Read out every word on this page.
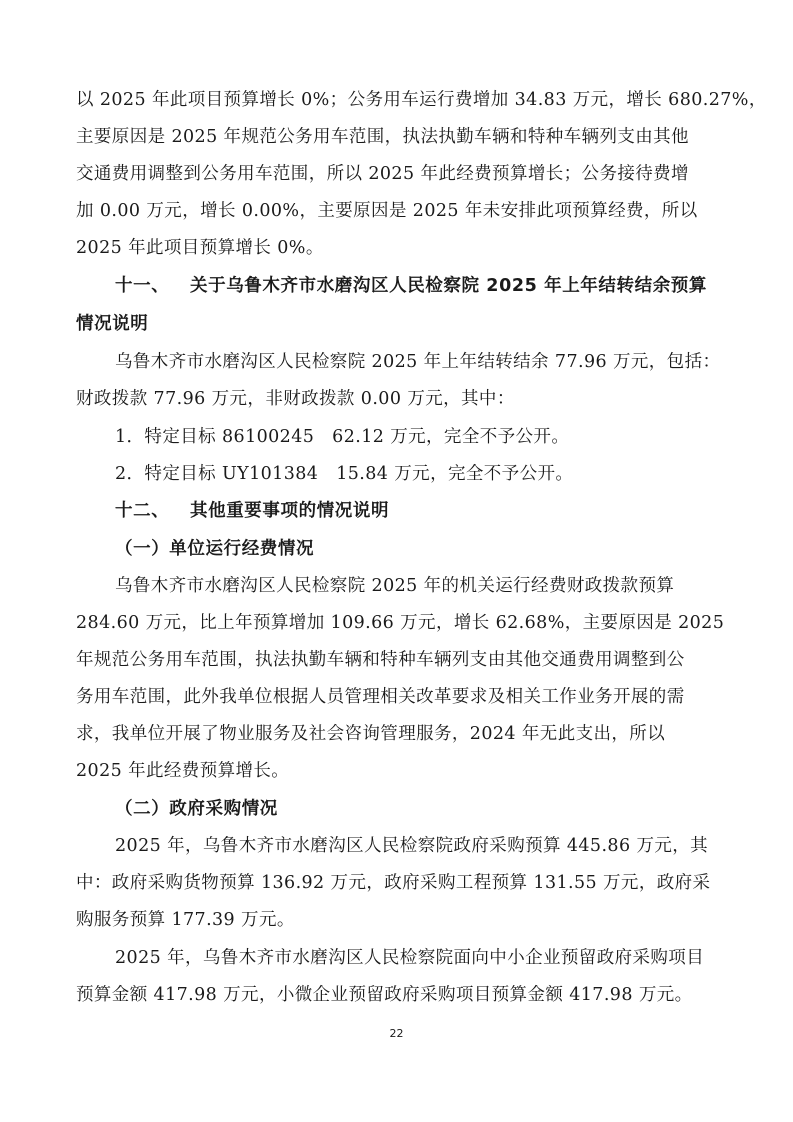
以 2025 年此项目预算增长 0%；公务用车运行费增加 34.83 万元，增长 680.27%，
主要原因是 2025 年规范公务用车范围，执法执勤车辆和特种车辆列支由其他
交通费用调整到公务用车范围，所以 2025 年此经费预算增长；公务接待费增
加 0.00 万元，增长 0.00%，主要原因是 2025 年未安排此项预算经费，所以
2025 年此项目预算增长 0%。
十一、 关于乌鲁木齐市水磨沟区人民检察院 2025 年上年结转结余预算
情况说明
乌鲁木齐市水磨沟区人民检察院 2025 年上年结转结余 77.96 万元，包括：
财政拨款 77.96 万元，非财政拨款 0.00 万元，其中：
1．特定目标 86100245　62.12 万元，完全不予公开。
2．特定目标 UY101384　15.84 万元，完全不予公开。
十二、 其他重要事项的情况说明
（一）单位运行经费情况
乌鲁木齐市水磨沟区人民检察院 2025 年的机关运行经费财政拨款预算
284.60 万元，比上年预算增加 109.66 万元，增长 62.68%，主要原因是 2025
年规范公务用车范围，执法执勤车辆和特种车辆列支由其他交通费用调整到公
务用车范围，此外我单位根据人员管理相关改革要求及相关工作业务开展的需
求，我单位开展了物业服务及社会咨询管理服务，2024 年无此支出，所以
2025 年此经费预算增长。
（二）政府采购情况
2025 年，乌鲁木齐市水磨沟区人民检察院政府采购预算 445.86 万元，其
中：政府采购货物预算 136.92 万元，政府采购工程预算 131.55 万元，政府采
购服务预算 177.39 万元。
2025 年，乌鲁木齐市水磨沟区人民检察院面向中小企业预留政府采购项目
预算金额 417.98 万元，小微企业预留政府采购项目预算金额 417.98 万元。
22
